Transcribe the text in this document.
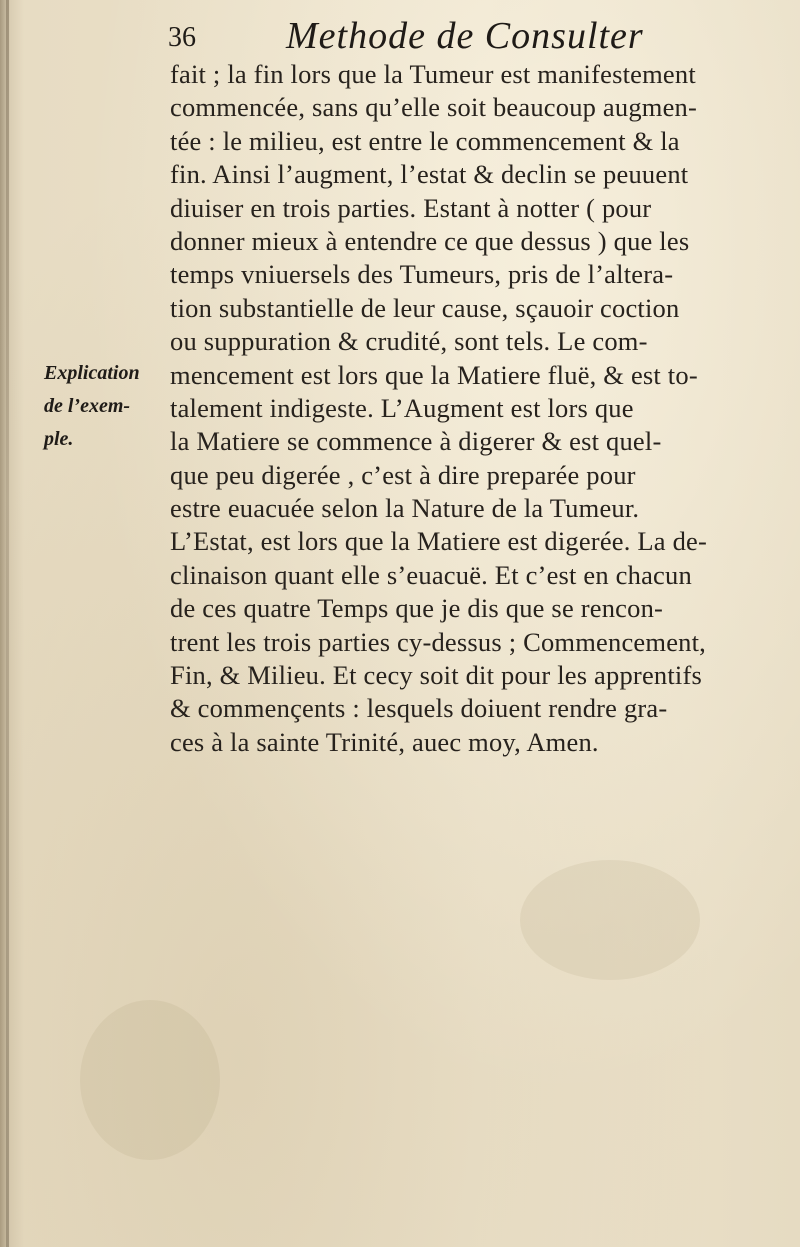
36 Methode de Consulter
Explication
de l’exem-
ple.
fait ; la fin lors que la Tumeur est manifestement
commencée, sans qu’elle soit beaucoup augmen-
tée : le milieu, est entre le commencement & la
fin. Ainsi l’augment, l’estat & declin se peuuent
diuiser en trois parties. Estant à notter ( pour
donner mieux à entendre ce que dessus ) que les
temps vniuersels des Tumeurs, pris de l’altera-
tion substantielle de leur cause, sçauoir coction
ou suppuration & crudité, sont tels. Le com-
mencement est lors que la Matiere fluë, & est to-
talement indigeste. L’Augment est lors que
la Matiere se commence à digerer & est quel-
que peu digerée , c’est à dire preparée pour
estre euacuée selon la Nature de la Tumeur.
L’Estat, est lors que la Matiere est digerée. La de-
clinaison quant elle s’euacuë. Et c’est en chacun
de ces quatre Temps que je dis que se rencon-
trent les trois parties cy-dessus ; Commencement,
Fin, & Milieu. Et cecy soit dit pour les apprentifs
& commençents : lesquels doiuent rendre gra-
ces à la sainte Trinité, auec moy, Amen.
